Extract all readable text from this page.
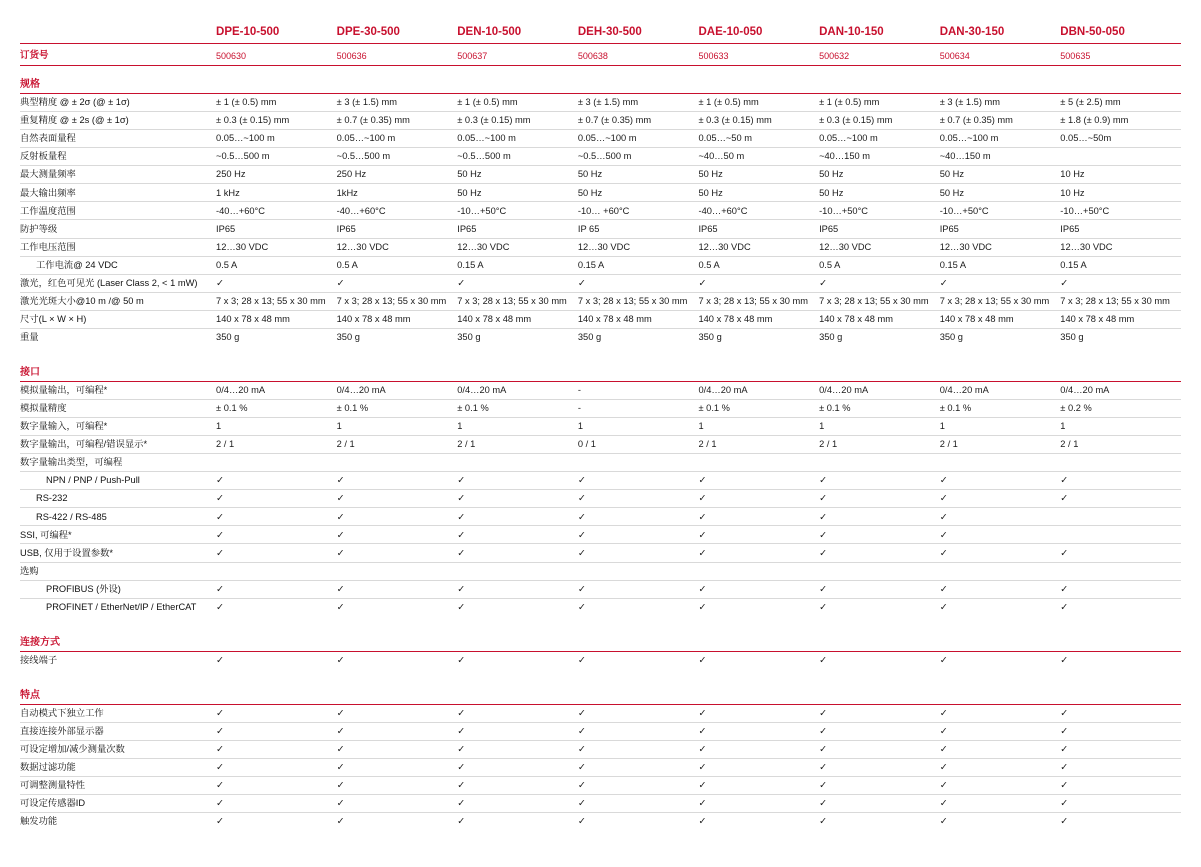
	DPE-10-500	DPE-30-500	DEN-10-500	DEH-30-500	DAE-10-050	DAN-10-150	DAN-30-150	DBN-50-050
订货号	500630	500636	500637	500638	500633	500632	500634	500635
规格								
典型精度 @ ± 2σ (@ ± 1σ)	± 1 (± 0.5) mm	± 3 (± 1.5) mm	± 1 (± 0.5) mm	± 3 (± 1.5) mm	± 1 (± 0.5) mm	± 1 (± 0.5) mm	± 3 (± 1.5) mm	± 5 (± 2.5) mm
重复精度 @ ± 2s (@ ± 1σ)	± 0.3 (± 0.15) mm	± 0.7 (± 0.35) mm	± 0.3 (± 0.15) mm	± 0.7 (± 0.35) mm	± 0.3 (± 0.15) mm	± 0.3 (± 0.15) mm	± 0.7 (± 0.35) mm	± 1.8 (± 0.9) mm
自然表面量程	0.05…~100 m	0.05…~100 m	0.05…~100 m	0.05…~100 m	0.05…~50 m	0.05…~100 m	0.05…~100 m	0.05…~50m
反射板量程	~0.5…500 m	~0.5…500 m	~0.5…500 m	~0.5…500 m	~40…50 m	~40…150 m	~40…150 m	
最大测量频率	250 Hz	250 Hz	50 Hz	50 Hz	50 Hz	50 Hz	50 Hz	10 Hz
最大输出频率	1 kHz	1kHz	50 Hz	50 Hz	50 Hz	50 Hz	50 Hz	10 Hz
工作温度范围	-40…+60°C	-40…+60°C	-10…+50°C	-10… +60°C	-40…+60°C	-10…+50°C	-10…+50°C	-10…+50°C
防护等级	IP65	IP65	IP65	IP 65	IP65	IP65	IP65	IP65
工作电压范围	12…30 VDC	12…30 VDC	12…30 VDC	12…30 VDC	12…30 VDC	12…30 VDC	12…30 VDC	12…30 VDC
工作电流@ 24 VDC	0.5 A	0.5 A	0.15 A	0.15 A	0.5 A	0.5 A	0.15 A	0.15 A
激光，红色可见光 (Laser Class 2, < 1 mW)	✓	✓	✓	✓	✓	✓	✓	✓
激光光斑大小@10 m /@ 50 m	7 x 3; 28 x 13; 55 x 30 mm	7 x 3; 28 x 13; 55 x 30 mm	7 x 3; 28 x 13; 55 x 30 mm	7 x 3; 28 x 13; 55 x 30 mm	7 x 3; 28 x 13; 55 x 30 mm	7 x 3; 28 x 13; 55 x 30 mm	7 x 3; 28 x 13; 55 x 30 mm	7 x 3; 28 x 13; 55 x 30 mm
尺寸(L × W × H)	140 x 78 x 48 mm	140 x 78 x 48 mm	140 x 78 x 48 mm	140 x 78 x 48 mm	140 x 78 x 48 mm	140 x 78 x 48 mm	140 x 78 x 48 mm	140 x 78 x 48 mm
重量	350 g	350 g	350 g	350 g	350 g	350 g	350 g	350 g

接口								
模拟量输出，可编程*	0/4…20 mA	0/4…20 mA	0/4…20 mA	-	0/4…20 mA	0/4…20 mA	0/4…20 mA	0/4…20 mA
模拟量精度	± 0.1 %	± 0.1 %	± 0.1 %	-	± 0.1 %	± 0.1 %	± 0.1 %	± 0.2 %
数字量输入，可编程*	1	1	1	1	1	1	1	1
数字量输出，可编程/错误显示*	2 / 1	2 / 1	2 / 1	0 / 1	2 / 1	2 / 1	2 / 1	2 / 1
数字量输出类型，可编程								
NPN / PNP / Push-Pull	✓	✓	✓	✓	✓	✓	✓	✓
RS-232	✓	✓	✓	✓	✓	✓	✓	✓
RS-422 / RS-485	✓	✓	✓	✓	✓	✓	✓	
SSI, 可编程*	✓	✓	✓	✓	✓	✓	✓	
USB, 仅用于设置参数*	✓	✓	✓	✓	✓	✓	✓	✓
选购								
PROFIBUS (外设)	✓	✓	✓	✓	✓	✓	✓	✓
PROFINET / EtherNet/IP / EtherCAT	✓	✓	✓	✓	✓	✓	✓	✓

连接方式								
接线端子	✓	✓	✓	✓	✓	✓	✓	✓

特点								
自动模式下独立工作	✓	✓	✓	✓	✓	✓	✓	✓
直接连接外部显示器	✓	✓	✓	✓	✓	✓	✓	✓
可设定增加/减少测量次数	✓	✓	✓	✓	✓	✓	✓	✓
数据过滤功能	✓	✓	✓	✓	✓	✓	✓	✓
可调整测量特性	✓	✓	✓	✓	✓	✓	✓	✓
可设定传感器ID	✓	✓	✓	✓	✓	✓	✓	✓
触发功能	✓	✓	✓	✓	✓	✓	✓	✓
